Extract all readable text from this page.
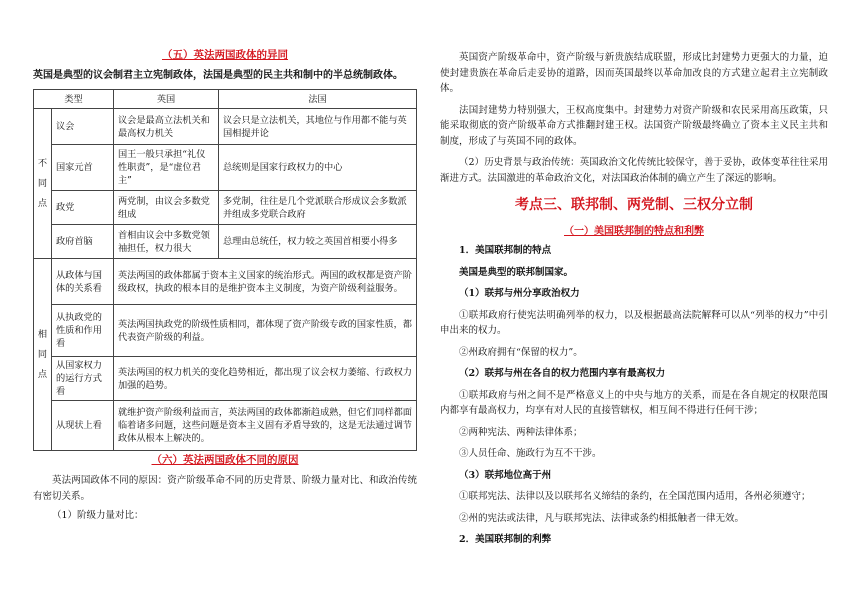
（五）英法两国政体的异同
英国是典型的议会制君主立宪制政体，法国是典型的民主共和制中的半总统制政体。
类型		英国	法国

不
同
点	议会	议会是最高立法机关和最高权力机关	议会只是立法机关，其地位与作用都不能与英国相提并论
	国家元首	国王一般只承担“礼仪性职责”，是“虚位君主”	总统则是国家行政权力的中心
	政党	两党制，由议会多数党组成	多党制，往往是几个党派联合形成议会多数派并组成多党联合政府
	政府首脑	首相由议会中多数党领袖担任，权力很大	总理由总统任，权力较之英国首相要小得多

相
同
点	从政体与国体的关系看	英法两国的政体都属于资本主义国家的统治形式。两国的政权都是资产阶级政权，执政的根本目的是维护资本主义制度，为资产阶级利益服务。	
	从执政党的性质和作用看	英法两国执政党的阶级性质相同，都体现了资产阶级专政的国家性质，都代表资产阶级的利益。	
	从国家权力的运行方式看	英法两国的权力机关的变化趋势相近，都出现了议会权力萎缩、行政权力加强的趋势。	
	从现状上看	就维护资产阶级利益而言，英法两国的政体都渐趋成熟，但它们同样都面临着诸多问题，这些问题是资本主义固有矛盾导致的，这是无法通过调节政体从根本上解决的。	
（六）英法两国政体不同的原因

英法两国政体不同的原因：资产阶级革命不同的历史背景、阶级力量对比、和政治传统有密切关系。

（1）阶级力量对比：

英国资产阶级革命中，资产阶级与新贵族结成联盟，形成比封建势力更强大的力量，迫使封建贵族在革命后走妥协的道路，因而英国最终以革命加改良的方式建立起君主立宪制政体。

法国封建势力特别强大，王权高度集中。封建势力对资产阶级和农民采用高压政策，只能采取彻底的资产阶级革命方式推翻封建王权。法国资产阶级最终确立了资本主义民主共和制度，形成了与英国不同的政体。

（2）历史背景与政治传统：英国政治文化传统比较保守，善于妥协，政体变革往往采用渐进方式。法国激进的革命政治文化，对法国政治体制的确立产生了深远的影响。

考点三、联邦制、两党制、三权分立制
（一）美国联邦制的特点和利弊

1．美国联邦制的特点

美国是典型的联邦制国家。

（1）联邦与州分享政治权力

①联邦政府行使宪法明确列举的权力，以及根据最高法院解释可以从“列举的权力”中引申出来的权力。

②州政府拥有“保留的权力”。

（2）联邦与州在各自的权力范围内享有最高权力

①联邦政府与州之间不是严格意义上的中央与地方的关系，而是在各自规定的权限范围内都享有最高权力，均享有对人民的直接管辖权，相互间不得进行任何干涉；

②两种宪法、两种法律体系；

③人员任命、施政行为互不干涉。

（3）联邦地位高于州

①联邦宪法、法律以及以联邦名义缔结的条约，在全国范围内适用，各州必须遵守；

②州的宪法或法律，凡与联邦宪法、法律或条约相抵触者一律无效。

2．美国联邦制的利弊
